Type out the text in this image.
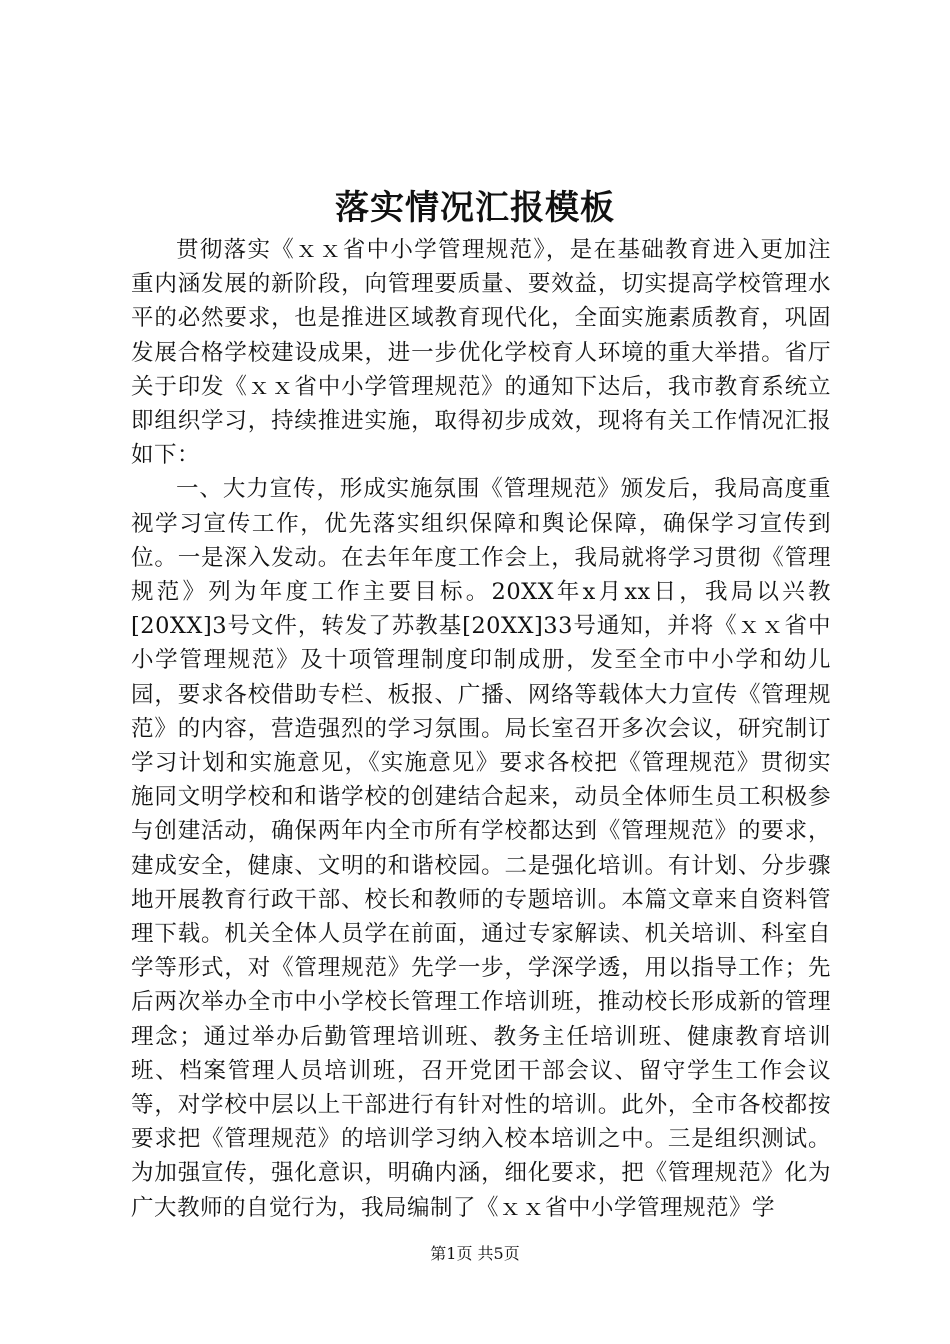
落实情况汇报模板

贯彻落实《ｘｘ省中小学管理规范》，是在基础教育进入更加注重内涵发展的新阶段，向管理要质量、要效益，切实提高学校管理水平的必然要求，也是推进区域教育现代化，全面实施素质教育，巩固发展合格学校建设成果，进一步优化学校育人环境的重大举措。省厅关于印发《ｘｘ省中小学管理规范》的通知下达后，我市教育系统立即组织学习，持续推进实施，取得初步成效，现将有关工作情况汇报如下：

一、大力宣传，形成实施氛围《管理规范》颁发后，我局高度重视学习宣传工作，优先落实组织保障和舆论保障，确保学习宣传到位。一是深入发动。在去年年度工作会上，我局就将学习贯彻《管理规范》列为年度工作主要目标。20XX年x月xx日，我局以兴教[20XX]3号文件，转发了苏教基[20XX]33号通知，并将《ｘｘ省中小学管理规范》及十项管理制度印制成册，发至全市中小学和幼儿园，要求各校借助专栏、板报、广播、网络等载体大力宣传《管理规范》的内容，营造强烈的学习氛围。局长室召开多次会议，研究制订学习计划和实施意见，《实施意见》要求各校把《管理规范》贯彻实施同文明学校和和谐学校的创建结合起来，动员全体师生员工积极参与创建活动，确保两年内全市所有学校都达到《管理规范》的要求，建成安全，健康、文明的和谐校园。二是强化培训。有计划、分步骤地开展教育行政干部、校长和教师的专题培训。本篇文章来自资料管理下载。机关全体人员学在前面，通过专家解读、机关培训、科室自学等形式，对《管理规范》先学一步，学深学透，用以指导工作；先后两次举办全市中小学校长管理工作培训班，推动校长形成新的管理理念；通过举办后勤管理培训班、教务主任培训班、健康教育培训班、档案管理人员培训班，召开党团干部会议、留守学生工作会议等，对学校中层以上干部进行有针对性的培训。此外，全市各校都按要求把《管理规范》的培训学习纳入校本培训之中。三是组织测试。为加强宣传，强化意识，明确内涵，细化要求，把《管理规范》化为广大教师的自觉行为，我局编制了《ｘｘ省中小学管理规范》学

第1页 共5页
